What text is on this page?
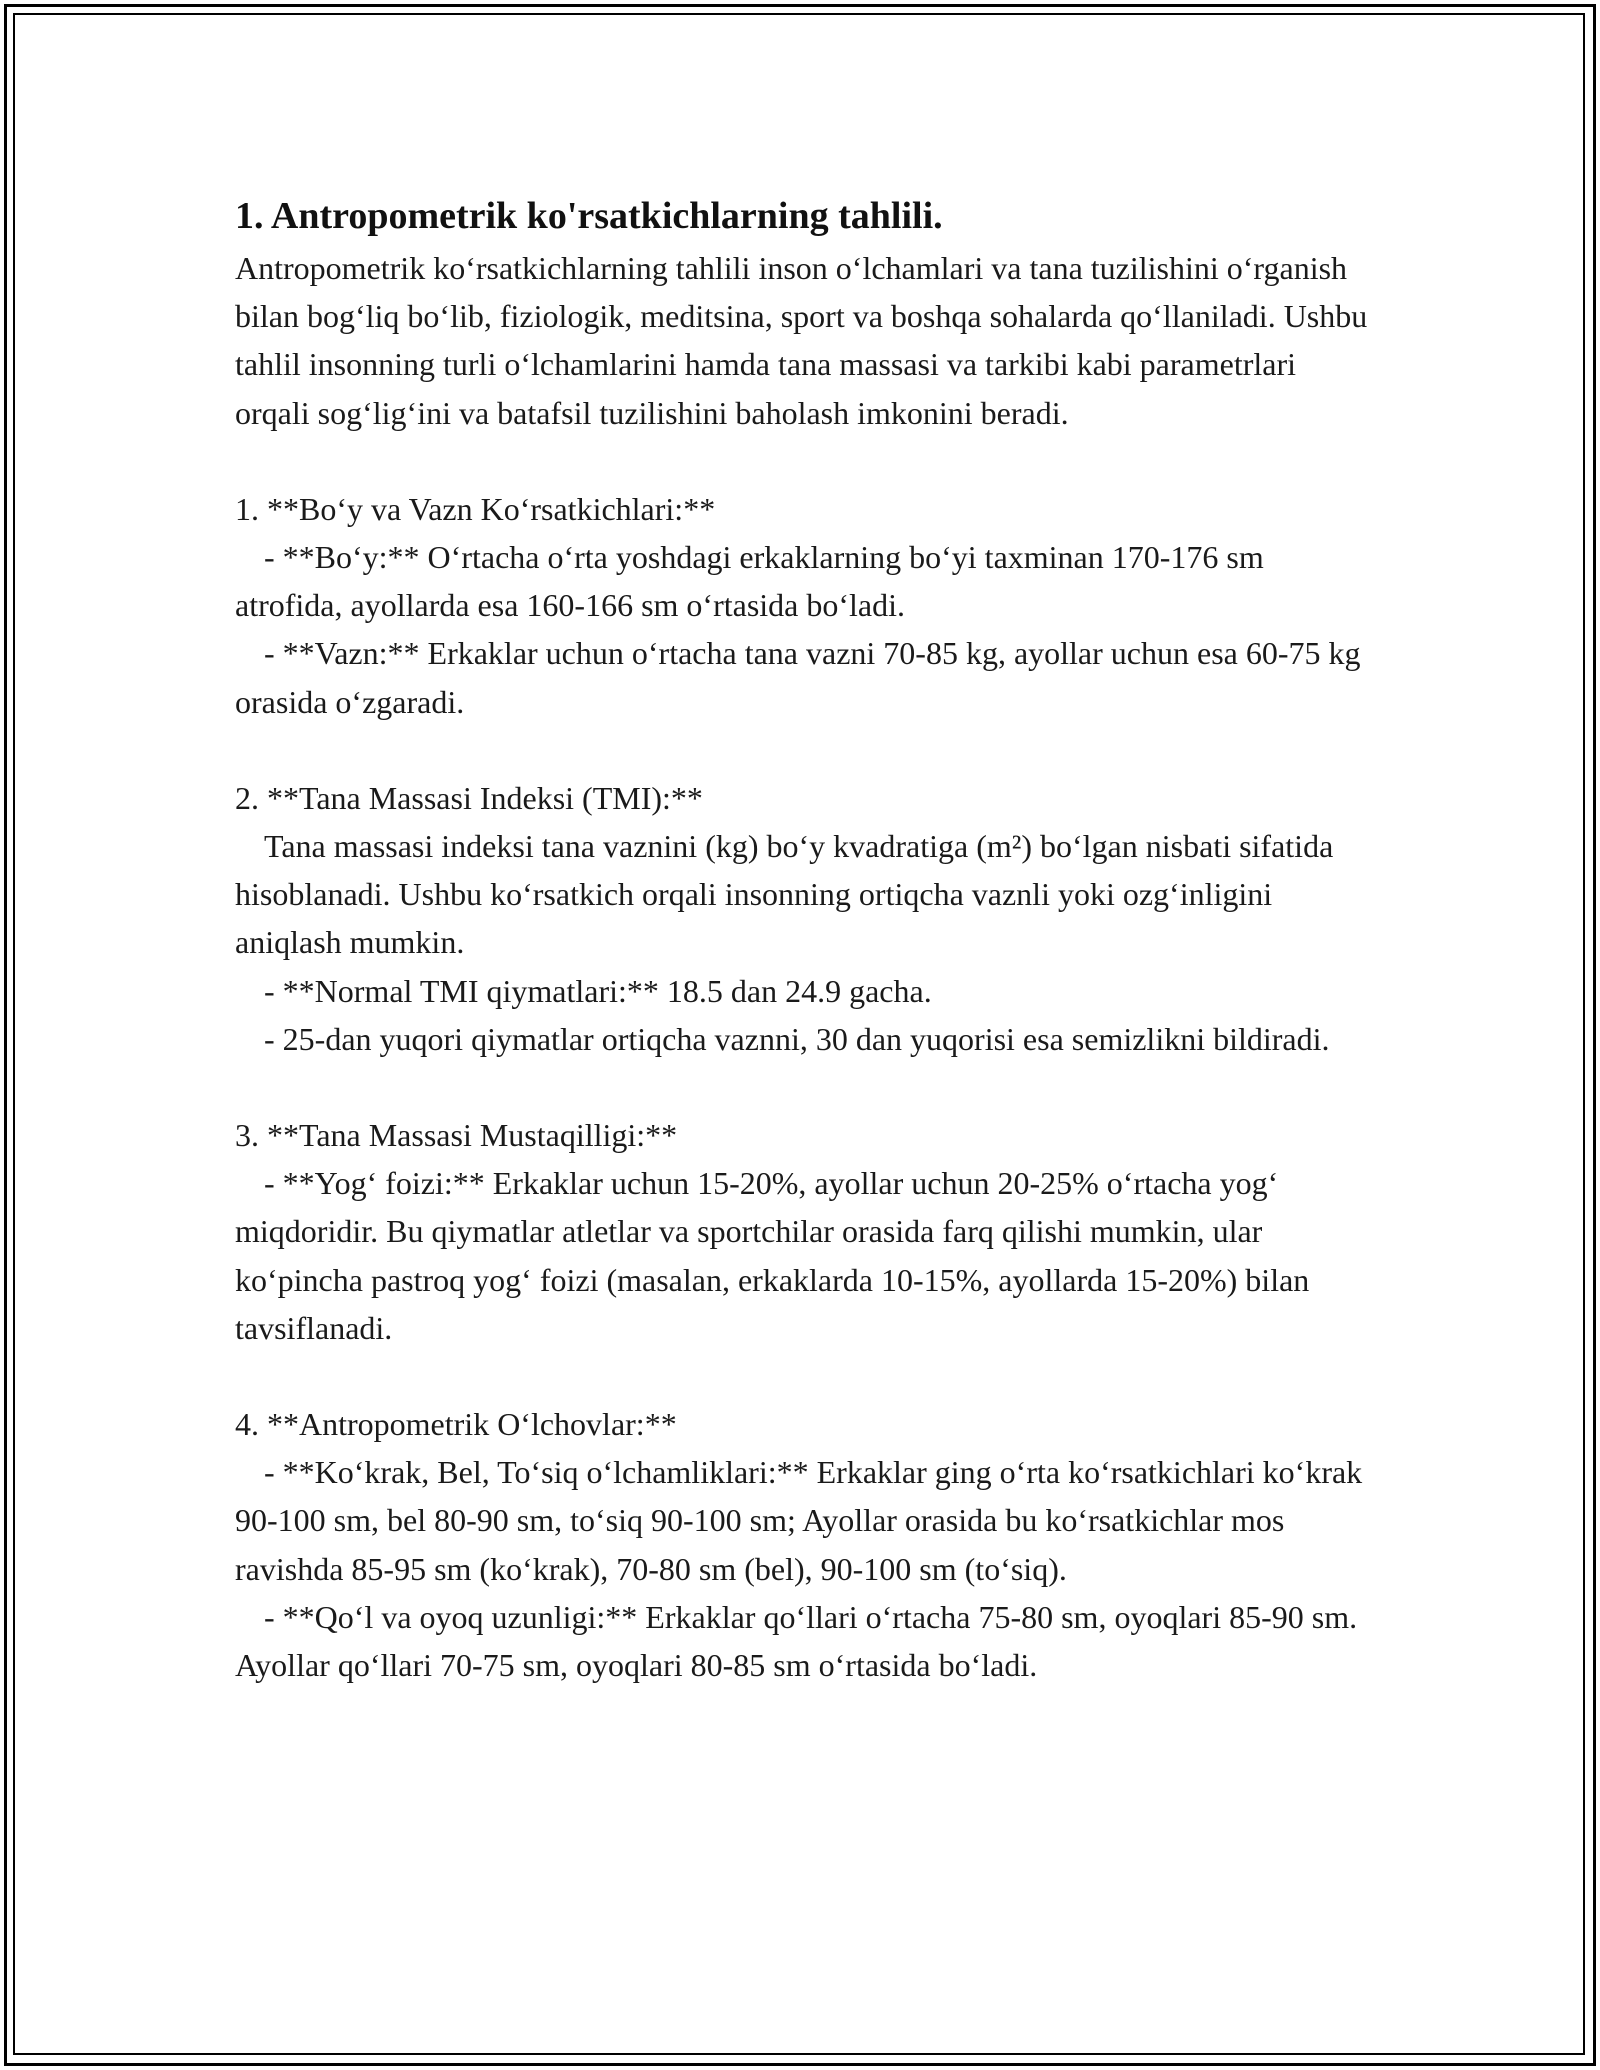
1. Antropometrik ko'rsatkichlarning tahlili.

Antropometrik koʻrsatkichlarning tahlili inson oʻlchamlari va tana tuzilishini oʻrganish bilan bogʻliq boʻlib, fiziologik, meditsina, sport va boshqa sohalarda qoʻllaniladi. Ushbu tahlil insonning turli oʻlchamlarini hamda tana massasi va tarkibi kabi parametrlari orqali sogʻligʻini va batafsil tuzilishini baholash imkonini beradi.

1. **Boʻy va Vazn Koʻrsatkichlari:**

- **Boʻy:** Oʻrtacha oʻrta yoshdagi erkaklarning boʻyi taxminan 170-176 sm atrofida, ayollarda esa 160-166 sm oʻrtasida boʻladi.

- **Vazn:** Erkaklar uchun oʻrtacha tana vazni 70-85 kg, ayollar uchun esa 60-75 kg orasida oʻzgaradi.

2. **Tana Massasi Indeksi (TMI):**

Tana massasi indeksi tana vaznini (kg) boʻy kvadratiga (m²) boʻlgan nisbati sifatida hisoblanadi. Ushbu koʻrsatkich orqali insonning ortiqcha vaznli yoki ozgʻinligini aniqlash mumkin.

- **Normal TMI qiymatlari:** 18.5 dan 24.9 gacha.

- 25-dan yuqori qiymatlar ortiqcha vaznni, 30 dan yuqorisi esa semizlikni bildiradi.

3. **Tana Massasi Mustaqilligi:**

- **Yogʻ foizi:** Erkaklar uchun 15-20%, ayollar uchun 20-25% oʻrtacha yogʻ miqdoridir. Bu qiymatlar atletlar va sportchilar orasida farq qilishi mumkin, ular koʻpincha pastroq yogʻ foizi (masalan, erkaklarda 10-15%, ayollarda 15-20%) bilan tavsiflanadi.

4. **Antropometrik Oʻlchovlar:**

- **Koʻkrak, Bel, Toʻsiq oʻlchamliklari:** Erkaklar ging oʻrta koʻrsatkichlari koʻkrak 90-100 sm, bel 80-90 sm, toʻsiq 90-100 sm; Ayollar orasida bu koʻrsatkichlar mos ravishda 85-95 sm (koʻkrak), 70-80 sm (bel), 90-100 sm (toʻsiq).

- **Qoʻl va oyoq uzunligi:** Erkaklar qoʻllari oʻrtacha 75-80 sm, oyoqlari 85-90 sm. Ayollar qoʻllari 70-75 sm, oyoqlari 80-85 sm oʻrtasida boʻladi.
